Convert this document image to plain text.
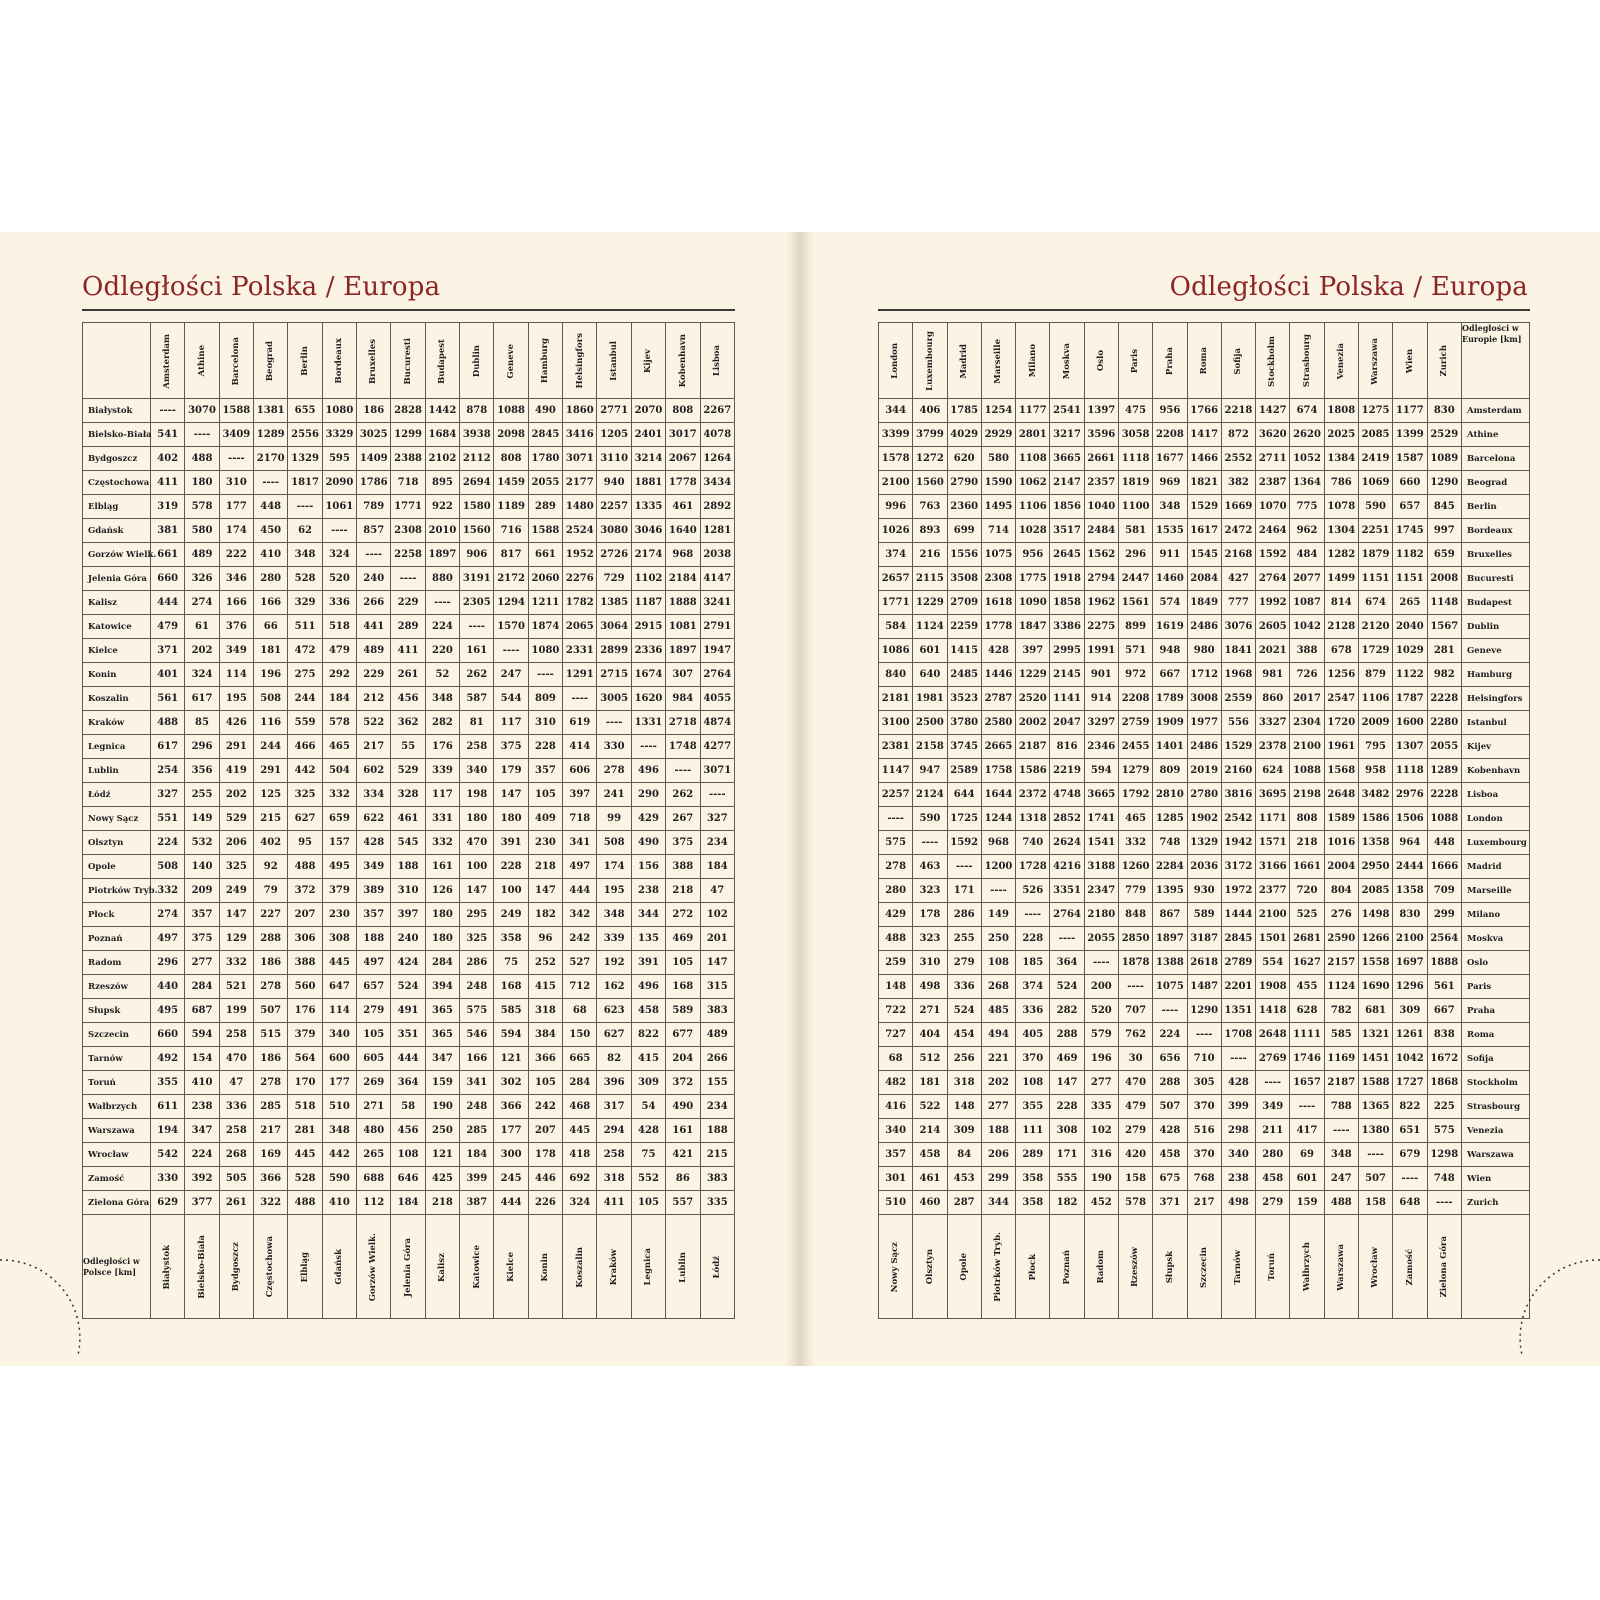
Odległości Polska / Europa

	Amsterdam	Athine	Barcelona	Beograd	Berlin	Bordeaux	Bruxelles	Bucuresti	Budapest	Dublin	Geneve	Hamburg	Helsingfors	Istanbul	Kijev	Kobenhavn	Lisboa

Białystok	----	3070	1588	1381	655	1080	186	2828	1442	878	1088	490	1860	2771	2070	808	2267
Bielsko-Biała	541	----	3409	1289	2556	3329	3025	1299	1684	3938	2098	2845	3416	1205	2401	3017	4078
Bydgoszcz	402	488	----	2170	1329	595	1409	2388	2102	2112	808	1780	3071	3110	3214	2067	1264
Częstochowa	411	180	310	----	1817	2090	1786	718	895	2694	1459	2055	2177	940	1881	1778	3434
Elbląg	319	578	177	448	----	1061	789	1771	922	1580	1189	289	1480	2257	1335	461	2892
Gdańsk	381	580	174	450	62	----	857	2308	2010	1560	716	1588	2524	3080	3046	1640	1281
Gorzów Wielk.	661	489	222	410	348	324	----	2258	1897	906	817	661	1952	2726	2174	968	2038
Jelenia Góra	660	326	346	280	528	520	240	----	880	3191	2172	2060	2276	729	1102	2184	4147
Kalisz	444	274	166	166	329	336	266	229	----	2305	1294	1211	1782	1385	1187	1888	3241
Katowice	479	61	376	66	511	518	441	289	224	----	1570	1874	2065	3064	2915	1081	2791
Kielce	371	202	349	181	472	479	489	411	220	161	----	1080	2331	2899	2336	1897	1947
Konin	401	324	114	196	275	292	229	261	52	262	247	----	1291	2715	1674	307	2764
Koszalin	561	617	195	508	244	184	212	456	348	587	544	809	----	3005	1620	984	4055
Kraków	488	85	426	116	559	578	522	362	282	81	117	310	619	----	1331	2718	4874
Legnica	617	296	291	244	466	465	217	55	176	258	375	228	414	330	----	1748	4277
Lublin	254	356	419	291	442	504	602	529	339	340	179	357	606	278	496	----	3071
Łódź	327	255	202	125	325	332	334	328	117	198	147	105	397	241	290	262	----
Nowy Sącz	551	149	529	215	627	659	622	461	331	180	180	409	718	99	429	267	327
Olsztyn	224	532	206	402	95	157	428	545	332	470	391	230	341	508	490	375	234
Opole	508	140	325	92	488	495	349	188	161	100	228	218	497	174	156	388	184
Piotrków Tryb.	332	209	249	79	372	379	389	310	126	147	100	147	444	195	238	218	47
Płock	274	357	147	227	207	230	357	397	180	295	249	182	342	348	344	272	102
Poznań	497	375	129	288	306	308	188	240	180	325	358	96	242	339	135	469	201
Radom	296	277	332	186	388	445	497	424	284	286	75	252	527	192	391	105	147
Rzeszów	440	284	521	278	560	647	657	524	394	248	168	415	712	162	496	168	315
Słupsk	495	687	199	507	176	114	279	491	365	575	585	318	68	623	458	589	383
Szczecin	660	594	258	515	379	340	105	351	365	546	594	384	150	627	822	677	489
Tarnów	492	154	470	186	564	600	605	444	347	166	121	366	665	82	415	204	266
Toruń	355	410	47	278	170	177	269	364	159	341	302	105	284	396	309	372	155
Wałbrzych	611	238	336	285	518	510	271	58	190	248	366	242	468	317	54	490	234
Warszawa	194	347	258	217	281	348	480	456	250	285	177	207	445	294	428	161	188
Wrocław	542	224	268	169	445	442	265	108	121	184	300	178	418	258	75	421	215
Zamość	330	392	505	366	528	590	688	646	425	399	245	446	692	318	552	86	383
Zielona Góra	629	377	261	322	488	410	112	184	218	387	444	226	324	411	105	557	335
Odległości w Polsce [km]	Białystok	Bielsko-Biała	Bydgoszcz	Częstochowa	Elbląg	Gdańsk	Gorzów Wielk.	Jelenia Góra	Kalisz	Katowice	Kielce	Konin	Koszalin	Kraków	Legnica	Lublin	Łódź
Odległości Polska / Europa
London	Luxembourg	Madrid	Marseille	Milano	Moskva	Oslo	Paris	Praha	Roma	Sofija	Stockholm	Strasbourg	Venezia	Warszawa	Wien	Zurich	Odległości w Europie [km]
344	406	1785	1254	1177	2541	1397	475	956	1766	2218	1427	674	1808	1275	1177	830	Amsterdam
3399	3799	4029	2929	2801	3217	3596	3058	2208	1417	872	3620	2620	2025	2085	1399	2529	Athine
1578	1272	620	580	1108	3665	2661	1118	1677	1466	2552	2711	1052	1384	2419	1587	1089	Barcelona
2100	1560	2790	1590	1062	2147	2357	1819	969	1821	382	2387	1364	786	1069	660	1290	Beograd
996	763	2360	1495	1106	1856	1040	1100	348	1529	1669	1070	775	1078	590	657	845	Berlin
1026	893	699	714	1028	3517	2484	581	1535	1617	2472	2464	962	1304	2251	1745	997	Bordeaux
374	216	1556	1075	956	2645	1562	296	911	1545	2168	1592	484	1282	1879	1182	659	Bruxelles
2657	2115	3508	2308	1775	1918	2794	2447	1460	2084	427	2764	2077	1499	1151	1151	2008	Bucuresti
1771	1229	2709	1618	1090	1858	1962	1561	574	1849	777	1992	1087	814	674	265	1148	Budapest
584	1124	2259	1778	1847	3386	2275	899	1619	2486	3076	2605	1042	2128	2120	2040	1567	Dublin
1086	601	1415	428	397	2995	1991	571	948	980	1841	2021	388	678	1729	1029	281	Geneve
840	640	2485	1446	1229	2145	901	972	667	1712	1968	981	726	1256	879	1122	982	Hamburg
2181	1981	3523	2787	2520	1141	914	2208	1789	3008	2559	860	2017	2547	1106	1787	2228	Helsingfors
3100	2500	3780	2580	2002	2047	3297	2759	1909	1977	556	3327	2304	1720	2009	1600	2280	Istanbul
2381	2158	3745	2665	2187	816	2346	2455	1401	2486	1529	2378	2100	1961	795	1307	2055	Kijev
1147	947	2589	1758	1586	2219	594	1279	809	2019	2160	624	1088	1568	958	1118	1289	Kobenhavn
2257	2124	644	1644	2372	4748	3665	1792	2810	2780	3816	3695	2198	2648	3482	2976	2228	Lisboa
----	590	1725	1244	1318	2852	1741	465	1285	1902	2542	1171	808	1589	1586	1506	1088	London
575	----	1592	968	740	2624	1541	332	748	1329	1942	1571	218	1016	1358	964	448	Luxembourg
278	463	----	1200	1728	4216	3188	1260	2284	2036	3172	3166	1661	2004	2950	2444	1666	Madrid
280	323	171	----	526	3351	2347	779	1395	930	1972	2377	720	804	2085	1358	709	Marseille
429	178	286	149	----	2764	2180	848	867	589	1444	2100	525	276	1498	830	299	Milano
488	323	255	250	228	----	2055	2850	1897	3187	2845	1501	2681	2590	1266	2100	2564	Moskva
259	310	279	108	185	364	----	1878	1388	2618	2789	554	1627	2157	1558	1697	1888	Oslo
148	498	336	268	374	524	200	----	1075	1487	2201	1908	455	1124	1690	1296	561	Paris
722	271	524	485	336	282	520	707	----	1290	1351	1418	628	782	681	309	667	Praha
727	404	454	494	405	288	579	762	224	----	1708	2648	1111	585	1321	1261	838	Roma
68	512	256	221	370	469	196	30	656	710	----	2769	1746	1169	1451	1042	1672	Sofija
482	181	318	202	108	147	277	470	288	305	428	----	1657	2187	1588	1727	1868	Stockholm
416	522	148	277	355	228	335	479	507	370	399	349	----	788	1365	822	225	Strasbourg
340	214	309	188	111	308	102	279	428	516	298	211	417	----	1380	651	575	Venezia
357	458	84	206	289	171	316	420	458	370	340	280	69	348	----	679	1298	Warszawa
301	461	453	299	358	555	190	158	675	768	238	458	601	247	507	----	748	Wien
510	460	287	344	358	182	452	578	371	217	498	279	159	488	158	648	----	Zurich

Nowy Sącz	Olsztyn	Opole	Piotrków Tryb.	Płock	Poznań	Radom	Rzeszów	Słupsk	Szczecin	Tarnów	Toruń	Wałbrzych	Warszawa	Wrocław	Zamość	Zielona Góra	
